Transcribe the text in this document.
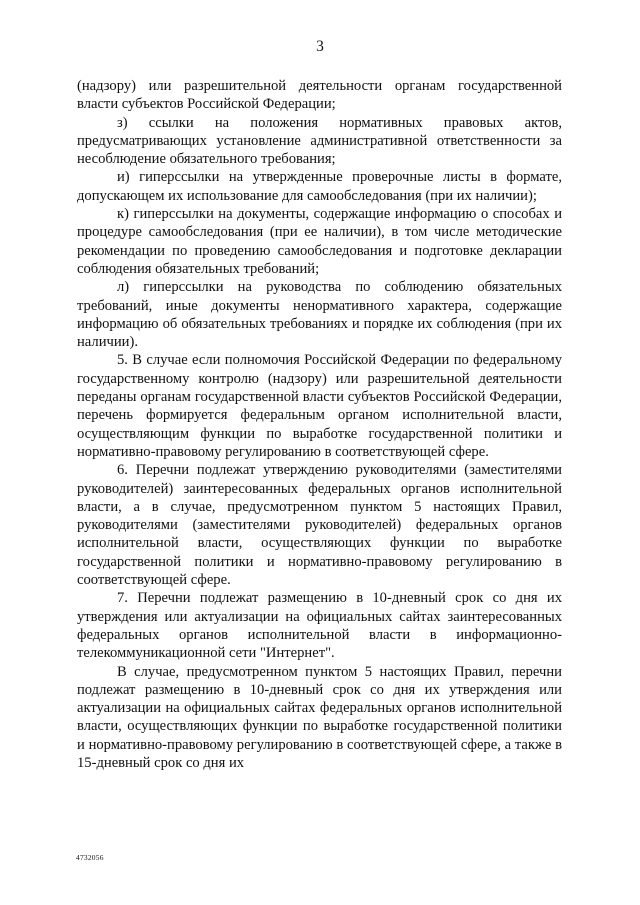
3

(надзору) или разрешительной деятельности органам государственной власти субъектов Российской Федерации;

з) ссылки на положения нормативных правовых актов, предусматривающих установление административной ответственности за несоблюдение обязательного требования;

и) гиперссылки на утвержденные проверочные листы в формате, допускающем их использование для самообследования (при их наличии);

к) гиперссылки на документы, содержащие информацию о способах и процедуре самообследования (при ее наличии), в том числе методические рекомендации по проведению самообследования и подготовке декларации соблюдения обязательных требований;

л) гиперссылки на руководства по соблюдению обязательных требований, иные документы ненормативного характера, содержащие информацию об обязательных требованиях и порядке их соблюдения (при их наличии).

5. В случае если полномочия Российской Федерации по федеральному государственному контролю (надзору) или разрешительной деятельности переданы органам государственной власти субъектов Российской Федерации, перечень формируется федеральным органом исполнительной власти, осуществляющим функции по выработке государственной политики и нормативно-правовому регулированию в соответствующей сфере.

6. Перечни подлежат утверждению руководителями (заместителями руководителей) заинтересованных федеральных органов исполнительной власти, а в случае, предусмотренном пунктом 5 настоящих Правил, руководителями (заместителями руководителей) федеральных органов исполнительной власти, осуществляющих функции по выработке государственной политики и нормативно-правовому регулированию в соответствующей сфере.

7. Перечни подлежат размещению в 10-дневный срок со дня их утверждения или актуализации на официальных сайтах заинтересованных федеральных органов исполнительной власти в информационно-телекоммуникационной сети "Интернет".

В случае, предусмотренном пунктом 5 настоящих Правил, перечни подлежат размещению в 10-дневный срок со дня их утверждения или актуализации на официальных сайтах федеральных органов исполнительной власти, осуществляющих функции по выработке государственной политики и нормативно-правовому регулированию в соответствующей сфере, а также в 15-дневный срок со дня их

4732056
